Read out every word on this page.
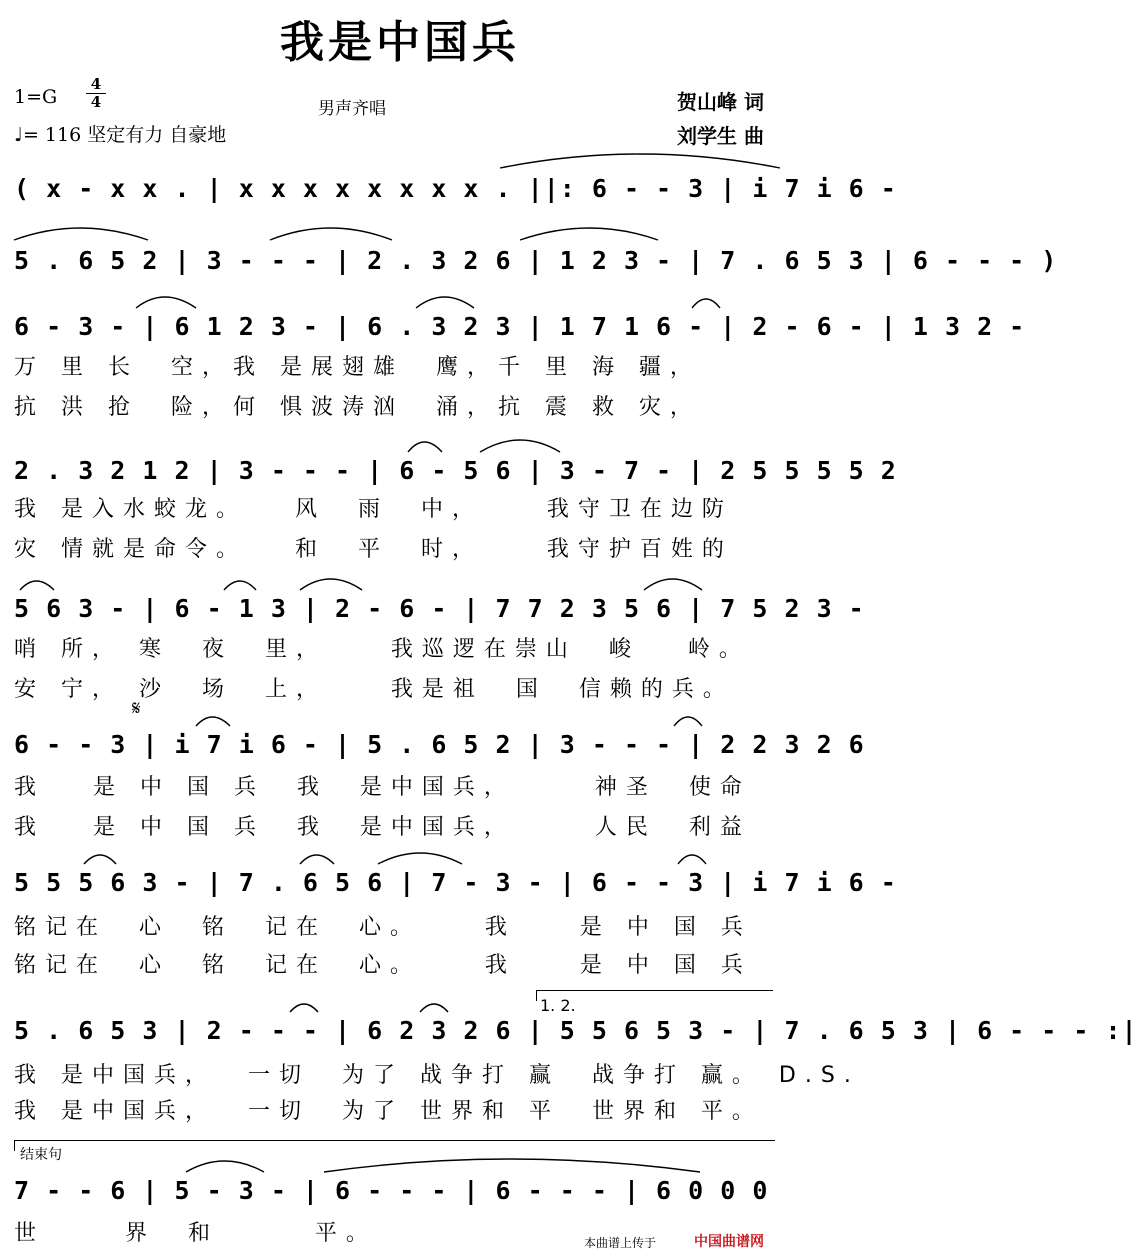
我是中国兵
1=G
4
4
♩= 116 坚定有力 自豪地
男声齐唱	贺山峰 词
刘学生 曲
( x - x x . | x x x x x x x x . ||: 6 - - 3 | i 7 i 6 -
5 . 6 5 2 | 3 - - - | 2 . 3 2 6 | 1 2 3 - | 7 . 6 5 3 | 6 - - - )
6 - 3 - | 6 1 2 3 - | 6 . 3 2 3 | 1 7 1 6 - | 2 - 6 - | 1 3 2 -
万 里 长  空，我 是展翅雄  鹰，千 里 海 疆，
抗 洪 抢  险，何 惧波涛汹  涌，抗 震 救 灾，
2 . 3 2 1 2 | 3 - - - | 6 - 5 6 | 3 - 7 - | 2 5 5 5 5 2
我 是入水蛟龙。   风  雨  中，    我守卫在边防
灾 情就是命令。   和  平  时，    我守护百姓的
5 6 3 - | 6 - 1 3 | 2 - 6 - | 7 7 2 3 5 6 | 7 5 2 3 -
哨 所， 寒  夜  里，    我巡逻在崇山  峻   岭。
安 宁， 沙  场  上，    我是祖  国  信赖的兵。
𝄋
6 - - 3 | i 7 i 6 - | 5 . 6 5 2 | 3 - - - | 2 2 3 2 6
我   是 中 国 兵  我  是中国兵，     神圣  使命
我   是 中 国 兵  我  是中国兵，     人民  利益
5 5 5 6 3 - | 7 . 6 5 6 | 7 - 3 - | 6 - - 3 | i 7 i 6 -
铭记在  心  铭  记在  心。    我    是 中 国 兵
铭记在  心  铭  记在  心。    我    是 中 国 兵
1. 2.
5 . 6 5 3 | 2 - - - | 6 2 3 2 6 | 5 5 6 5 3 - | 7 . 6 5 3 | 6 - - - :|
我 是中国兵，  一切  为了 战争打 赢  战争打 赢。 D.S.
我 是中国兵，  一切  为了 世界和 平  世界和 平。
结束句
7 - - 6 | 5 - 3 - | 6 - - - | 6 - - - | 6 0 0 0
世     界  和      平。	本曲谱上传于	中国曲谱网
